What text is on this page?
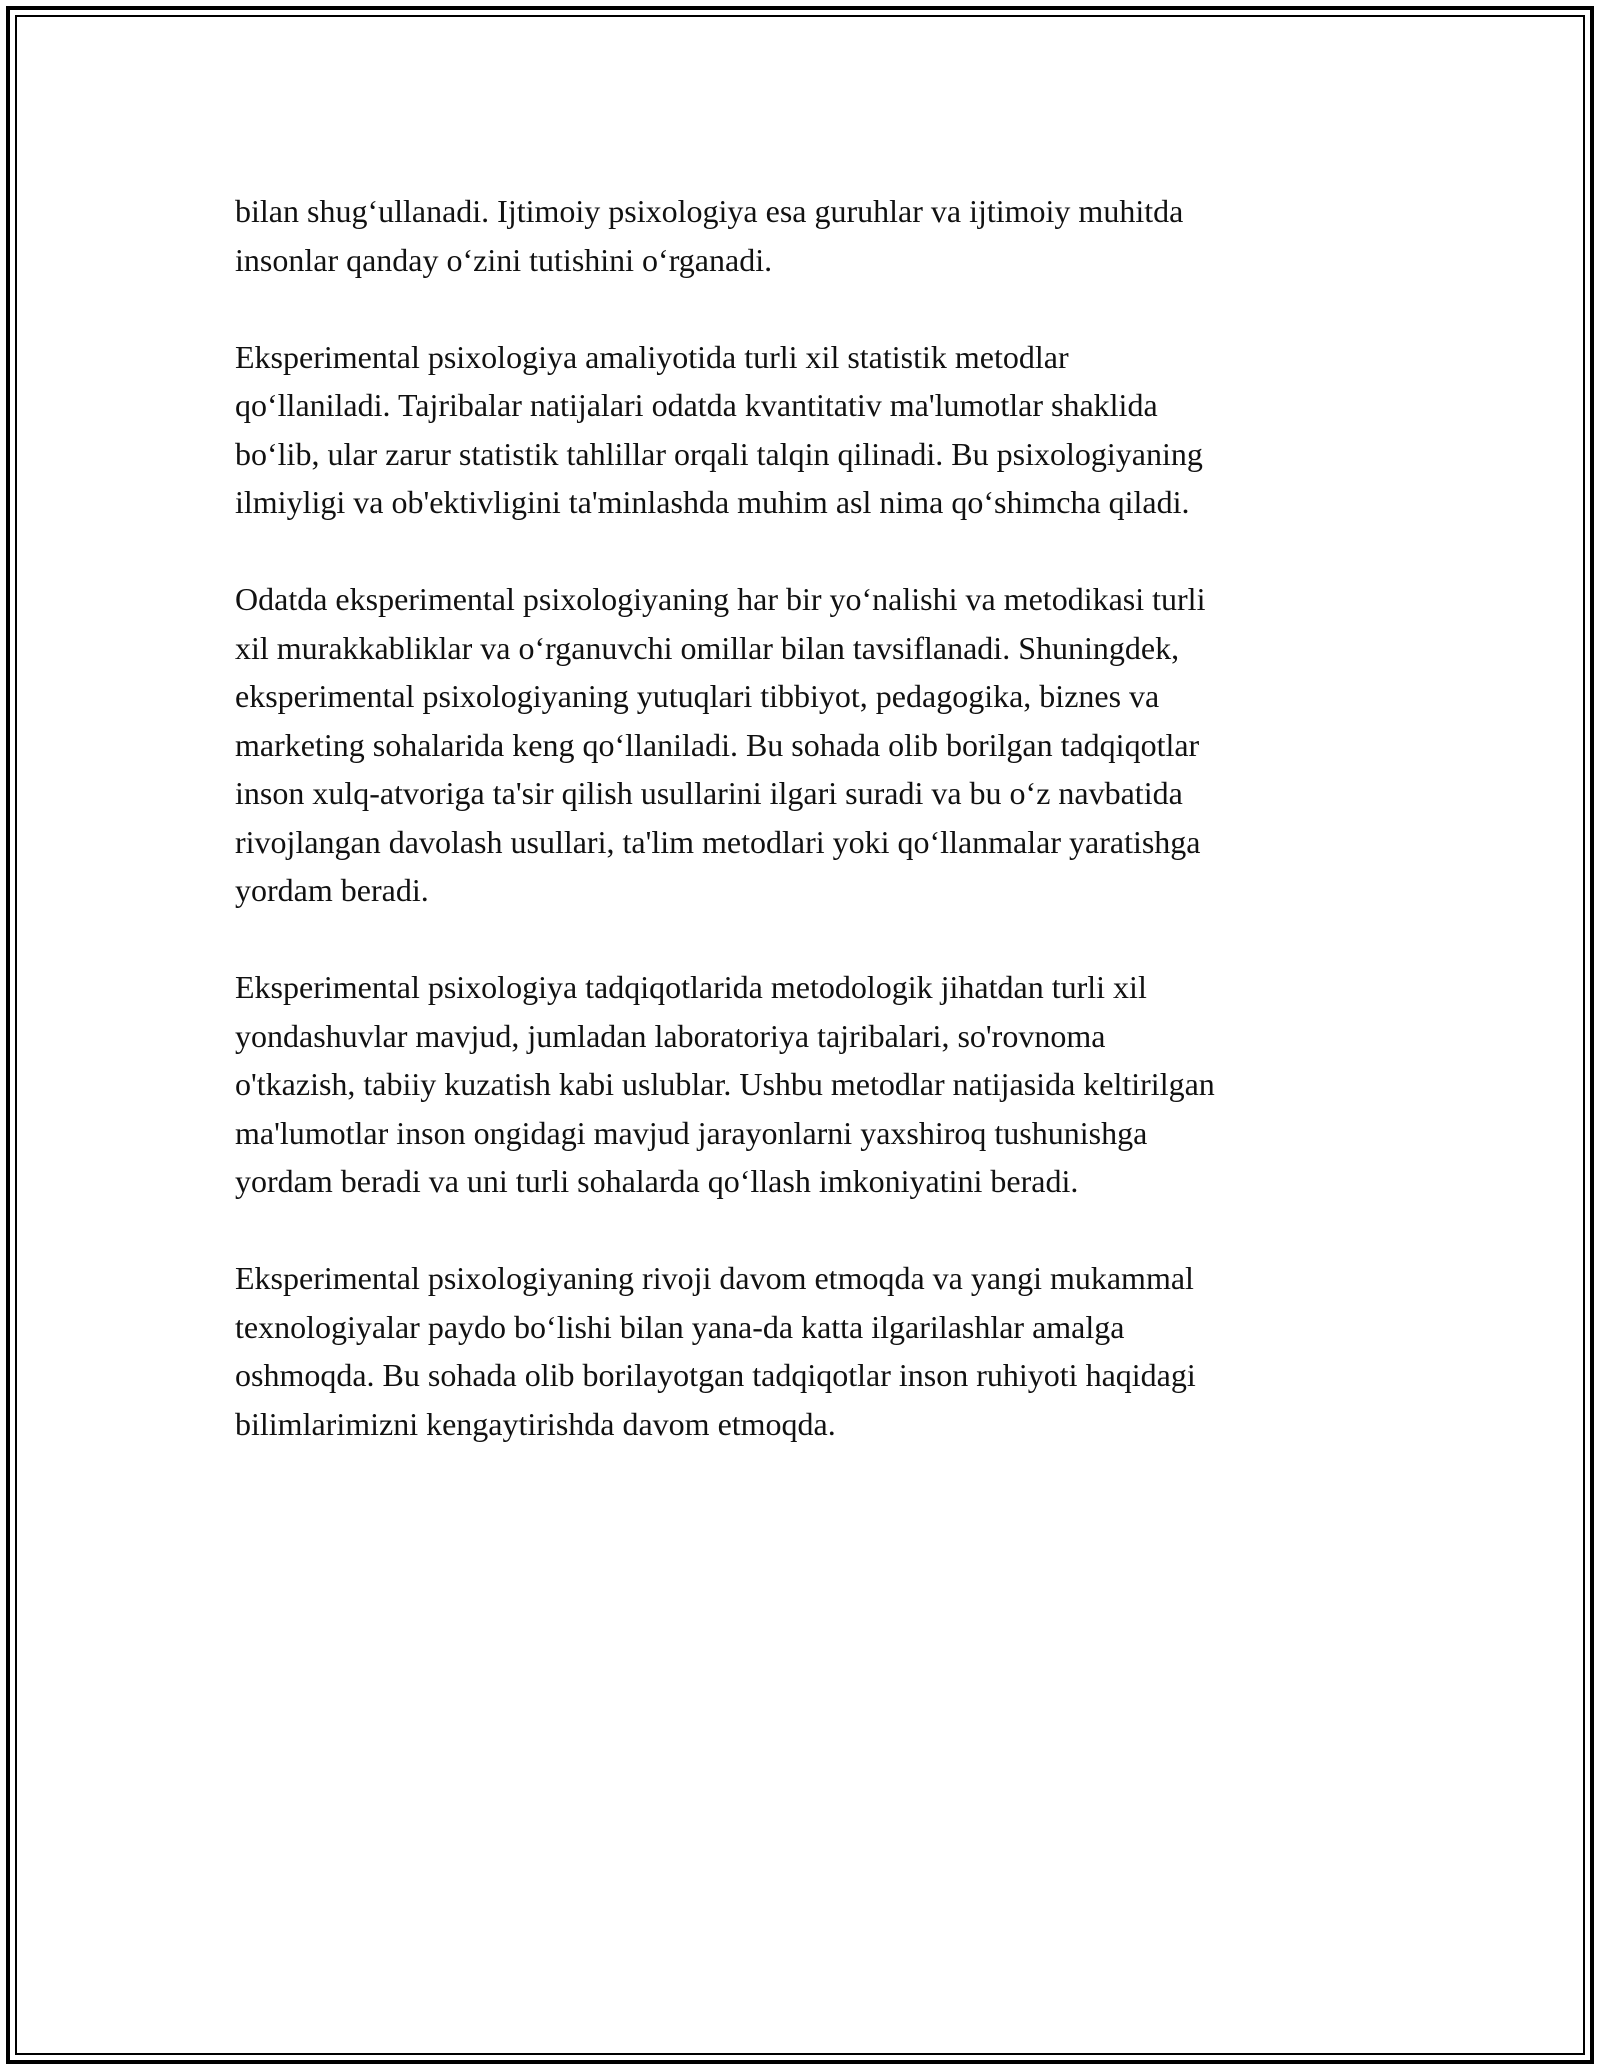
bilan shug‘ullanadi. Ijtimoiy psixologiya esa guruhlar va ijtimoiy muhitda
insonlar qanday o‘zini tutishini o‘rganadi.

Eksperimental psixologiya amaliyotida turli xil statistik metodlar
qo‘llaniladi. Tajribalar natijalari odatda kvantitativ ma'lumotlar shaklida
bo‘lib, ular zarur statistik tahlillar orqali talqin qilinadi. Bu psixologiyaning
ilmiyligi va ob'ektivligini ta'minlashda muhim asl nima qo‘shimcha qiladi.

Odatda eksperimental psixologiyaning har bir yo‘nalishi va metodikasi turli
xil murakkabliklar va o‘rganuvchi omillar bilan tavsiflanadi. Shuningdek,
eksperimental psixologiyaning yutuqlari tibbiyot, pedagogika, biznes va
marketing sohalarida keng qo‘llaniladi. Bu sohada olib borilgan tadqiqotlar
inson xulq-atvoriga ta'sir qilish usullarini ilgari suradi va bu o‘z navbatida
rivojlangan davolash usullari, ta'lim metodlari yoki qo‘llanmalar yaratishga
yordam beradi.

Eksperimental psixologiya tadqiqotlarida metodologik jihatdan turli xil
yondashuvlar mavjud, jumladan laboratoriya tajribalari, so'rovnoma
o'tkazish, tabiiy kuzatish kabi uslublar. Ushbu metodlar natijasida keltirilgan
ma'lumotlar inson ongidagi mavjud jarayonlarni yaxshiroq tushunishga
yordam beradi va uni turli sohalarda qo‘llash imkoniyatini beradi.

Eksperimental psixologiyaning rivoji davom etmoqda va yangi mukammal
texnologiyalar paydo bo‘lishi bilan yana-da katta ilgarilashlar amalga
oshmoqda. Bu sohada olib borilayotgan tadqiqotlar inson ruhiyoti haqidagi
bilimlarimizni kengaytirishda davom etmoqda.
